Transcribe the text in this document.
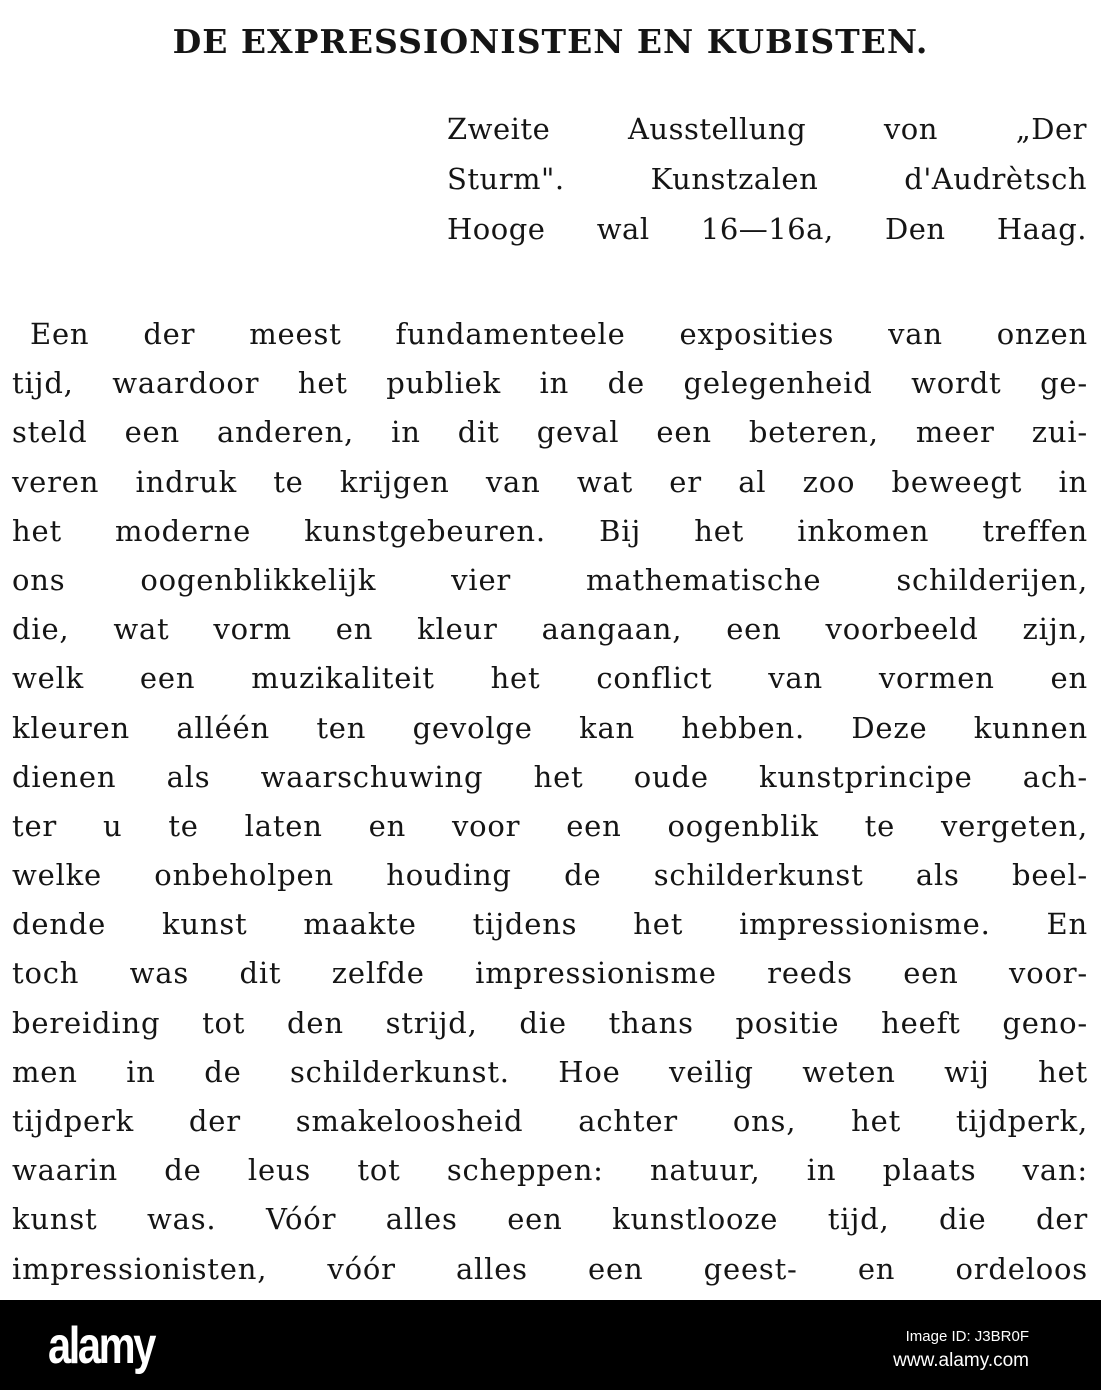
DE EXPRESSIONISTEN EN KUBISTEN.
Zweite Ausstellung von „Der
Sturm". Kunstzalen d'Audrètsch
Hooge wal 16—16a, Den Haag.
Een der meest fundamenteele exposities van onzen
tijd, waardoor het publiek in de gelegenheid wordt ge-
steld een anderen, in dit geval een beteren, meer zui-
veren indruk te krijgen van wat er al zoo beweegt in
het moderne kunstgebeuren. Bij het inkomen treffen
ons oogenblikkelijk vier mathematische schilderijen,
die, wat vorm en kleur aangaan, een voorbeeld zijn,
welk een muzikaliteit het conflict van vormen en
kleuren alléén ten gevolge kan hebben. Deze kunnen
dienen als waarschuwing het oude kunstprincipe ach-
ter u te laten en voor een oogenblik te vergeten,
welke onbeholpen houding de schilderkunst als beel-
dende kunst maakte tijdens het impressionisme. En
toch was dit zelfde impressionisme reeds een voor-
bereiding tot den strijd, die thans positie heeft geno-
men in de schilderkunst. Hoe veilig weten wij het
tijdperk der smakeloosheid achter ons, het tijdperk,
waarin de leus tot scheppen: natuur, in plaats van:
kunst was. Vóór alles een kunstlooze tijd, die der
impressionisten, vóór alles een geest- en ordeloos
alamy	Image ID: J3BR0F
www.alamy.com
